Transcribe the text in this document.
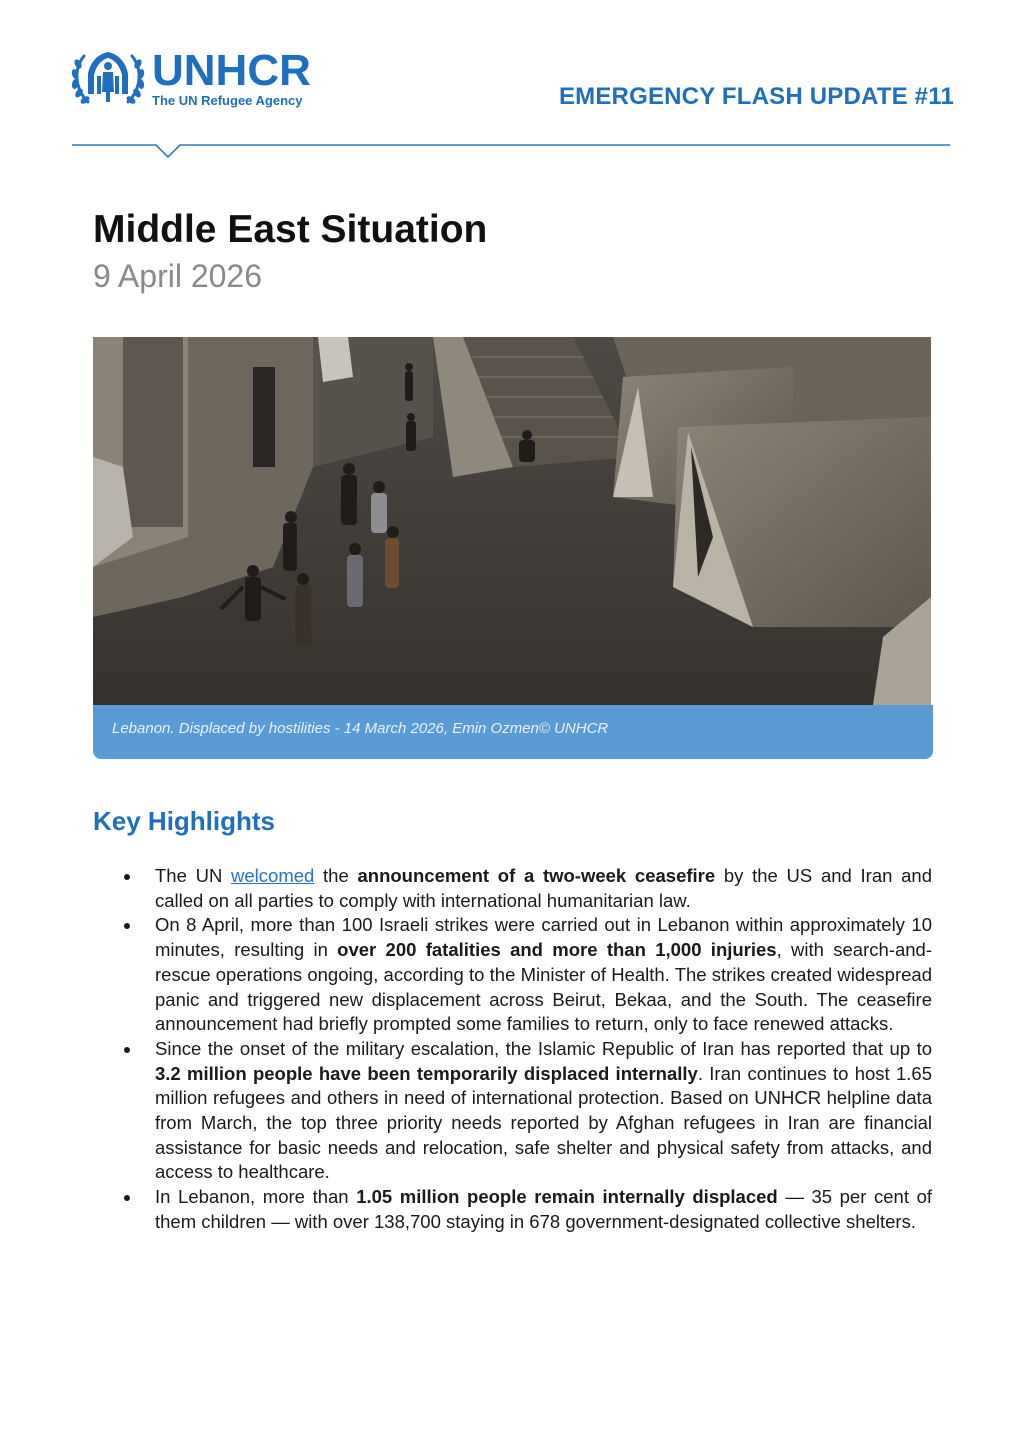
UNHCR
The UN Refugee Agency	EMERGENCY FLASH UPDATE #11
Middle East Situation
9 April 2026
Lebanon. Displaced by hostilities - 14 March 2026, Emin Ozmen© UNHCR
Key Highlights
The UN welcomed the announcement of a two-week ceasefire by the US and Iran and called on all parties to comply with international humanitarian law.
On 8 April, more than 100 Israeli strikes were carried out in Lebanon within approximately 10 minutes, resulting in over 200 fatalities and more than 1,000 injuries, with search-and-rescue operations ongoing, according to the Minister of Health. The strikes created widespread panic and triggered new displacement across Beirut, Bekaa, and the South. The ceasefire announcement had briefly prompted some families to return, only to face renewed attacks.
Since the onset of the military escalation, the Islamic Republic of Iran has reported that up to 3.2 million people have been temporarily displaced internally. Iran continues to host 1.65 million refugees and others in need of international protection. Based on UNHCR helpline data from March, the top three priority needs reported by Afghan refugees in Iran are financial assistance for basic needs and relocation, safe shelter and physical safety from attacks, and access to healthcare.
In Lebanon, more than 1.05 million people remain internally displaced — 35 per cent of them children — with over 138,700 staying in 678 government-designated collective shelters.
